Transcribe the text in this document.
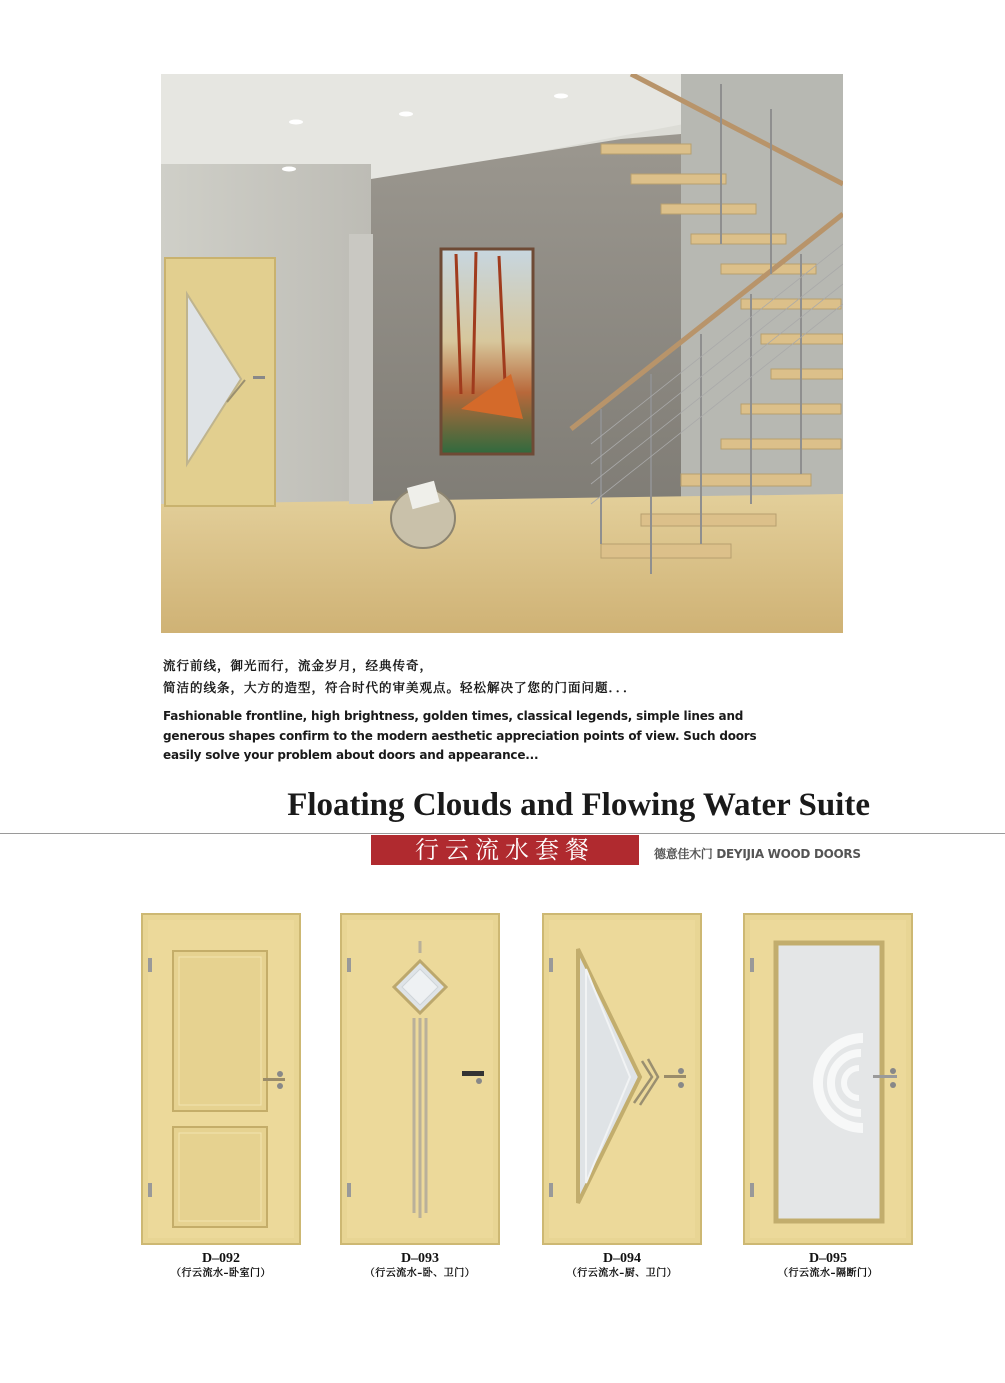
流行前线，御光而行，流金岁月，经典传奇，

简洁的线条，大方的造型，符合时代的审美观点。轻松解决了您的门面问题．．．

Fashionable frontline, high brightness, golden times, classical legends, simple lines and generous shapes confirm to the modern aesthetic appreciation points of view. Such doors easily solve your problem about doors and appearance...

Floating Clouds and Flowing Water Suite
行云流水套餐	德意佳木门 DEYIJIA WOOD DOORS
D–092
（行云流水–卧室门）
D–093
（行云流水–卧、卫门）
D–094
（行云流水–厨、卫门）
D–095
（行云流水–隔断门）
